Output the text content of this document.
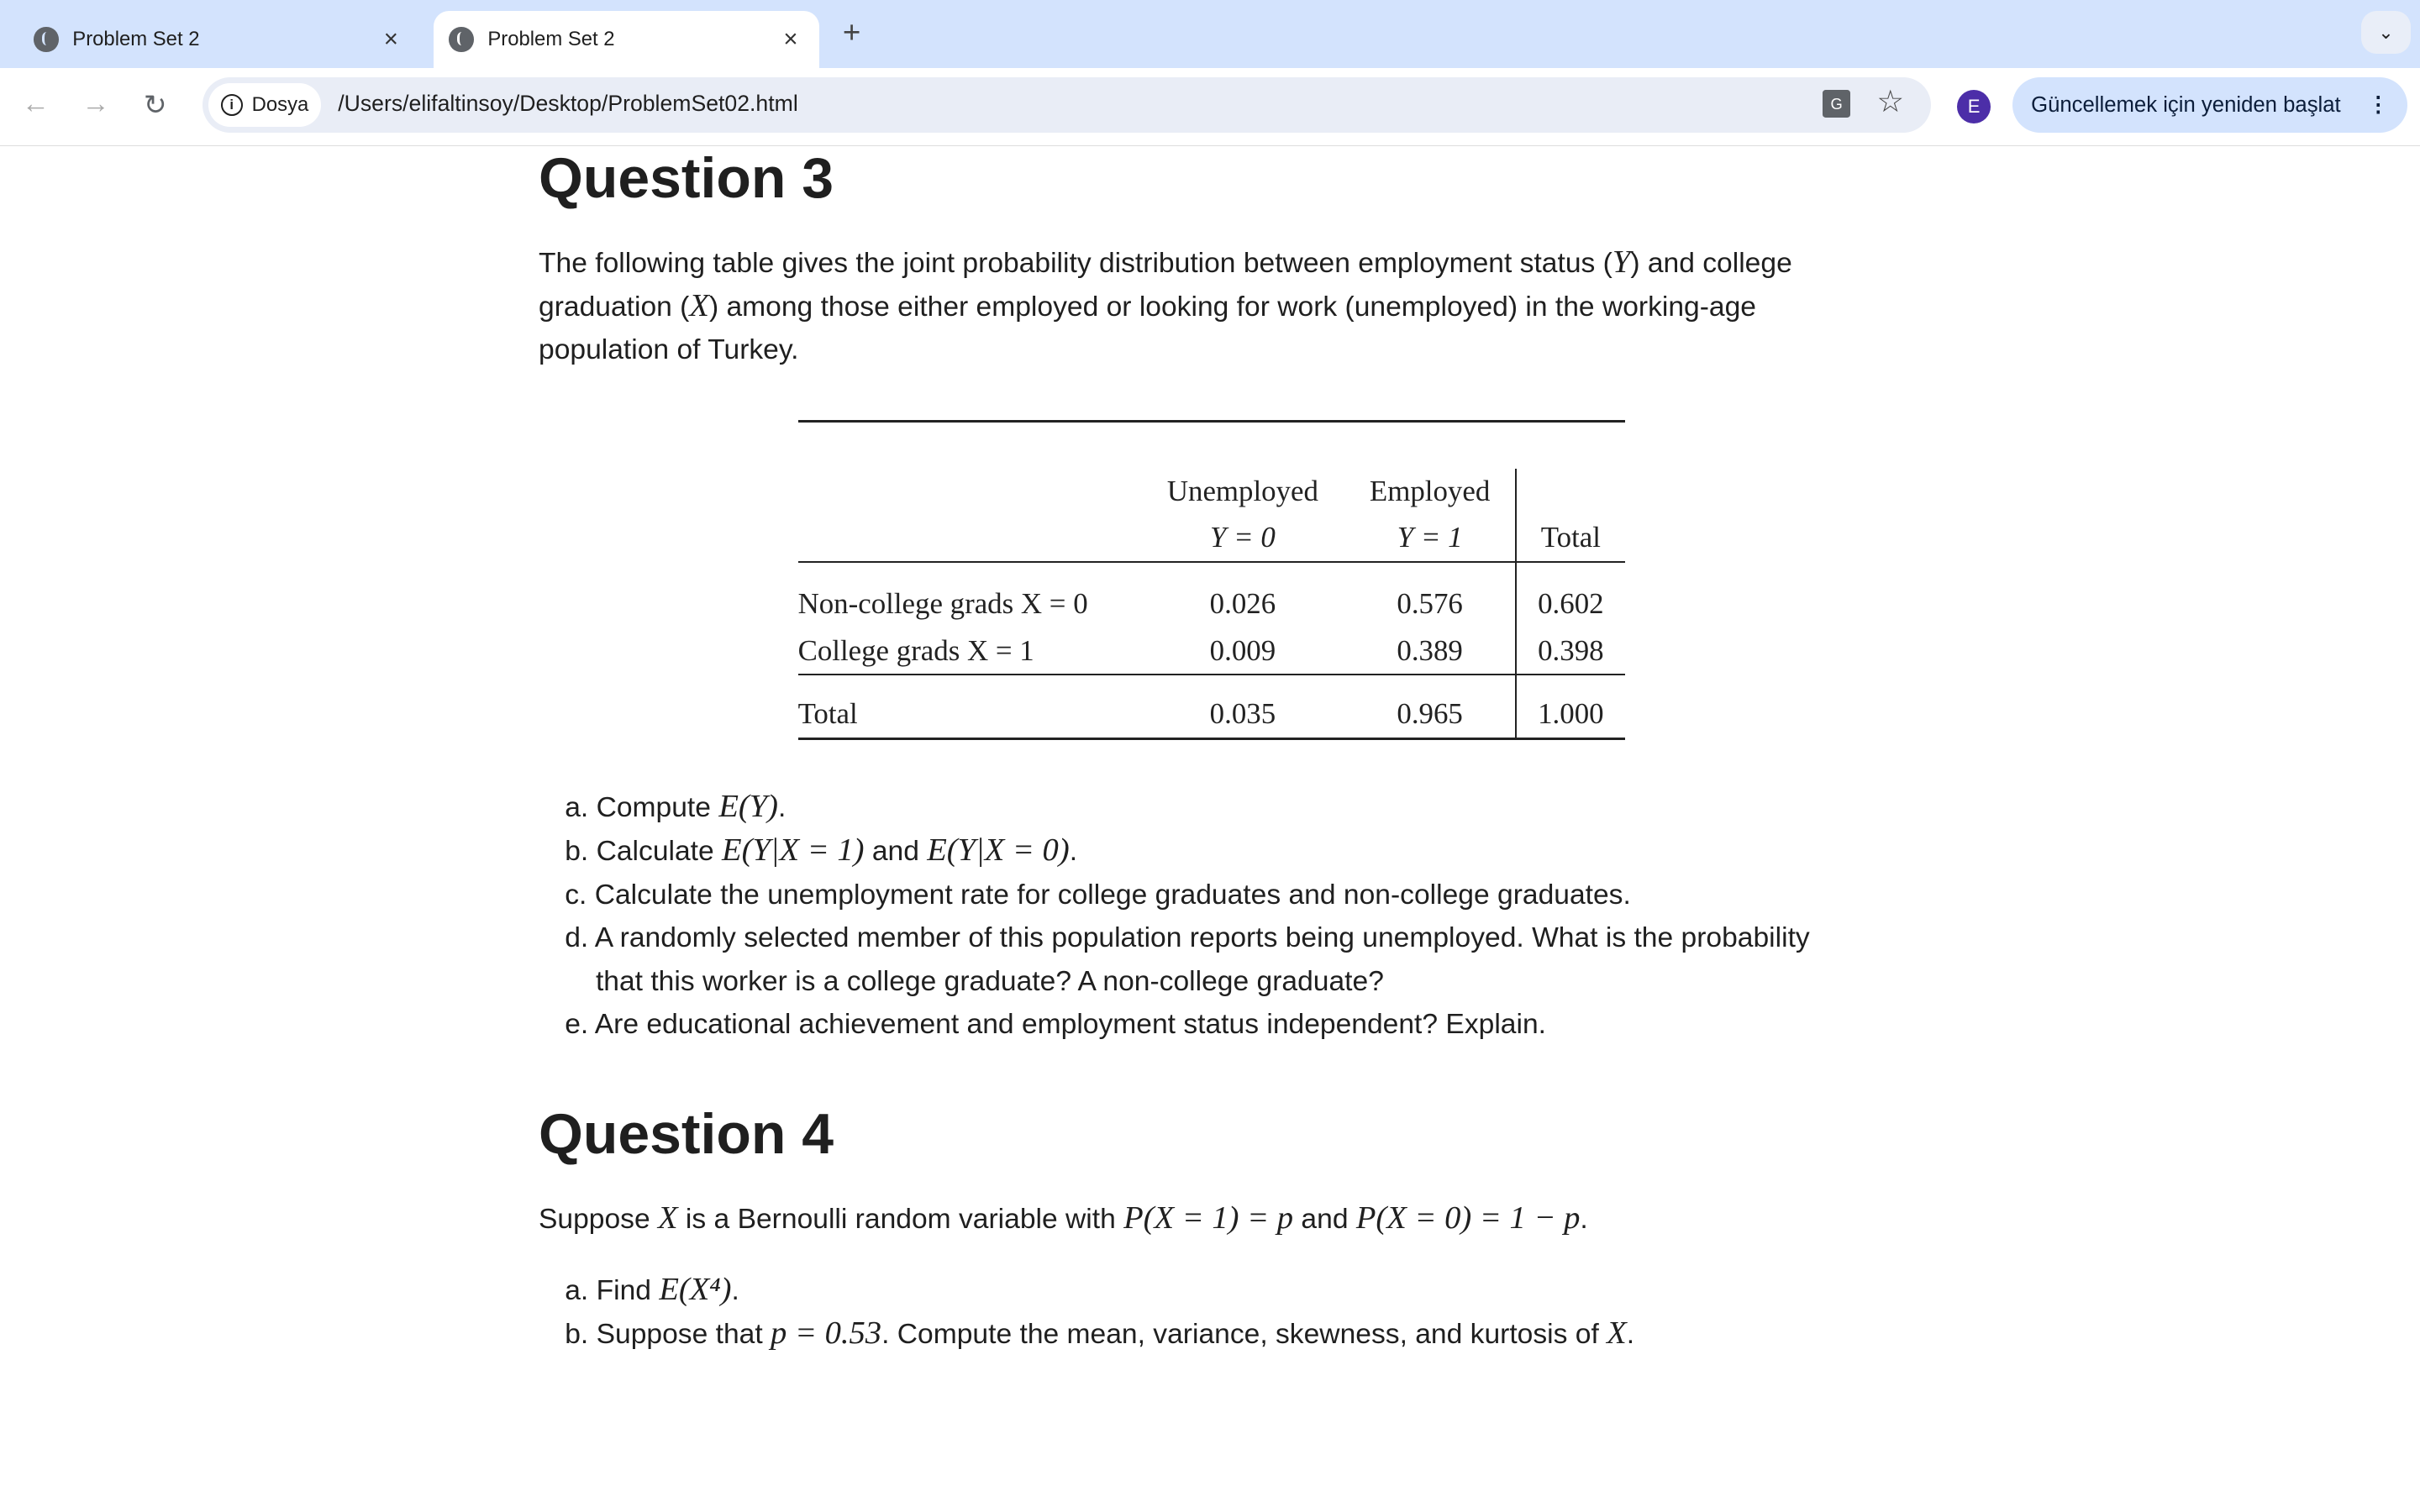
Problem Set 2	×	Problem Set 2	×	+	⌄
← → ↻	i	Dosya /Users/elifaltinsoy/Desktop/ProblemSet02.html	G	☆	E	Güncellemek için yeniden başlat ⋮
Question 3

The following table gives the joint probability distribution between employment status (Y) and college graduation (X) among those either employed or looking for work (unemployed) in the working-age population of Turkey.

	Unemployed	Employed	
	Y = 0	Y = 1	Total
Non-college grads X = 0	0.026	0.576	0.602
College grads X = 1	0.009	0.389	0.398
Total	0.035	0.965	1.000
a. Compute E(Y).
b. Calculate E(Y|X = 1) and E(Y|X = 0).
c. Calculate the unemployment rate for college graduates and non-college graduates.
d. A randomly selected member of this population reports being unemployed. What is the probability that this worker is a college graduate? A non-college graduate?
e. Are educational achievement and employment status independent? Explain.
Question 4

Suppose X is a Bernoulli random variable with P(X = 1) = p and P(X = 0) = 1 − p.

a. Find E(X⁴).
b. Suppose that p = 0.53. Compute the mean, variance, skewness, and kurtosis of X.
